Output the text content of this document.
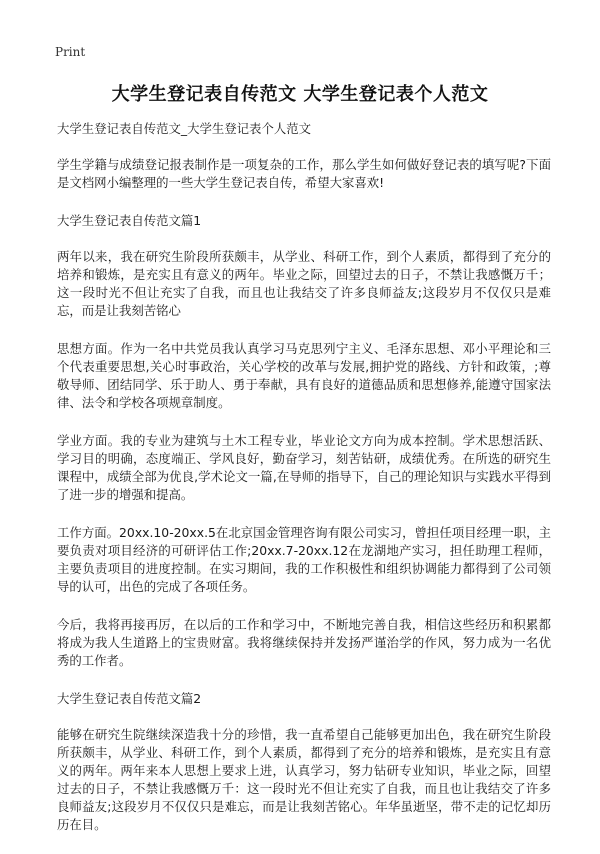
Print
大学生登记表自传范文 大学生登记表个人范文

大学生登记表自传范文_大学生登记表个人范文

学生学籍与成绩登记报表制作是一项复杂的工作，那么学生如何做好登记表的填写呢?下面是文档网小编整理的一些大学生登记表自传，希望大家喜欢!

大学生登记表自传范文篇1

两年以来，我在研究生阶段所获颇丰，从学业、科研工作，到个人素质，都得到了充分的培养和锻炼，是充实且有意义的两年。毕业之际，回望过去的日子，不禁让我感慨万千；这一段时光不但让充实了自我，而且也让我结交了许多良师益友;这段岁月不仅仅只是难忘，而是让我刻苦铭心

思想方面。作为一名中共党员我认真学习马克思列宁主义、毛泽东思想、邓小平理论和三个代表重要思想,关心时事政治，关心学校的改革与发展,拥护党的路线、方针和政策，;尊敬导师、团结同学、乐于助人、勇于奉献，具有良好的道德品质和思想修养,能遵守国家法律、法令和学校各项规章制度。

学业方面。我的专业为建筑与土木工程专业，毕业论文方向为成本控制。学术思想活跃、学习目的明确，态度端正、学风良好，勤奋学习，刻苦钻研，成绩优秀。在所选的研究生课程中，成绩全部为优良,学术论文一篇,在导师的指导下，自己的理论知识与实践水平得到了进一步的增强和提高。

工作方面。20xx.10-20xx.5在北京国金管理咨询有限公司实习，曾担任项目经理一职，主要负责对项目经济的可研评估工作;20xx.7-20xx.12在龙湖地产实习，担任助理工程师，主要负责项目的进度控制。在实习期间，我的工作积极性和组织协调能力都得到了公司领导的认可，出色的完成了各项任务。

今后，我将再接再厉，在以后的工作和学习中，不断地完善自我，相信这些经历和积累都将成为我人生道路上的宝贵财富。我将继续保持并发扬严谨治学的作风，努力成为一名优秀的工作者。

大学生登记表自传范文篇2

能够在研究生院继续深造我十分的珍惜，我一直希望自己能够更加出色，我在研究生阶段所获颇丰，从学业、科研工作，到个人素质，都得到了充分的培养和锻炼，是充实且有意义的两年。两年来本人思想上要求上进，认真学习，努力钻研专业知识，毕业之际，回望过去的日子，不禁让我感慨万千：这一段时光不但让充实了自我，而且也让我结交了许多良师益友;这段岁月不仅仅只是难忘，而是让我刻苦铭心。年华虽逝坚，带不走的记忆却历历在目。
